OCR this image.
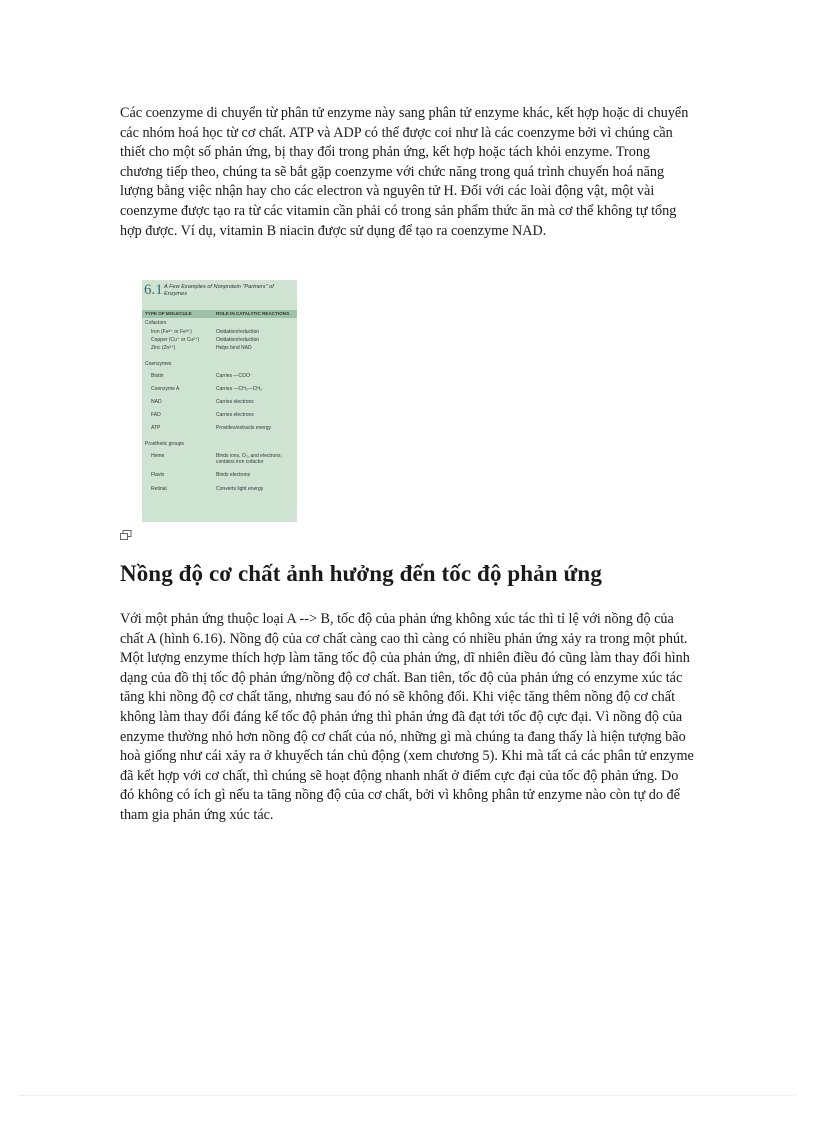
Các coenzyme di chuyển từ phân tử enzyme này sang phân tử enzyme khác, kết hợp hoặc di chuyển các nhóm hoá học từ cơ chất. ATP và ADP có thể được coi như là các coenzyme bởi vì chúng cần thiết cho một số phản ứng, bị thay đổi trong phản ứng, kết hợp hoặc tách khỏi enzyme. Trong chương tiếp theo, chúng ta sẽ bắt gặp coenzyme với chức năng trong quá trình chuyển hoá năng lượng bằng việc nhận hay cho các electron và nguyên tử H. Đối với các loài động vật, một vài coenzyme được tạo ra từ các vitamin cần phải có trong sản phẩm thức ăn mà cơ thể không tự tổng hợp được. Ví dụ, vitamin B niacin được sử dụng để tạo ra coenzyme NAD.

6.1 A Few Examples of Nonprotein "Partners" of Enzymes
TYPE OF MOLECULE	ROLE IN CATALYTIC REACTIONS
Cofactors
Iron (Fe²⁺ or Fe³⁺)	Oxidation/reduction
Copper (Cu⁺ or Cu²⁺)	Oxidation/reduction
Zinc (Zn²⁺)	Helps bind NAD
Coenzymes
Biotin	Carries —COO⁻
Coenzyme A	Carries —CH₂—CH₃
NAD	Carries electrons
FAD	Carries electrons
ATP	Provides/extracts energy
Prosthetic groups
Heme	Binds ions, O₂, and electrons; contains iron cofactor
Flavin	Binds electrons
Retinal	Converts light energy
Nồng độ cơ chất ảnh hưởng đến tốc độ phản ứng

Với một phản ứng thuộc loại A --> B, tốc độ của phản ứng không xúc tác thì tỉ lệ với nồng độ của chất A (hình 6.16). Nồng độ của cơ chất càng cao thì càng có nhiều phản ứng xảy ra trong một phút. Một lượng enzyme thích hợp làm tăng tốc độ của phản ứng, dĩ nhiên điều đó cũng làm thay đổi hình dạng của đồ thị tốc độ phản ứng/nồng độ cơ chất. Ban tiên, tốc độ của phản ứng có enzyme xúc tác tăng khi nồng độ cơ chất tăng, nhưng sau đó nó sẽ không đổi. Khi việc tăng thêm nồng độ cơ chất không làm thay đổi đáng kể tốc độ phản ứng thì phản ứng đã đạt tới tốc độ cực đại. Vì nồng độ của enzyme thường nhỏ hơn nồng độ cơ chất của nó, những gì mà chúng ta đang thấy là hiện tượng bão hoà giống như cái xảy ra ở khuyếch tán chủ động (xem chương 5). Khi mà tất cả các phân tử enzyme đã kết hợp với cơ chất, thì chúng sẽ hoạt động nhanh nhất ở điểm cực đại của tốc độ phản ứng. Do đó không có ích gì nếu ta tăng nồng độ của cơ chất, bởi vì không phân tử enzyme nào còn tự do để tham gia phản ứng xúc tác.
